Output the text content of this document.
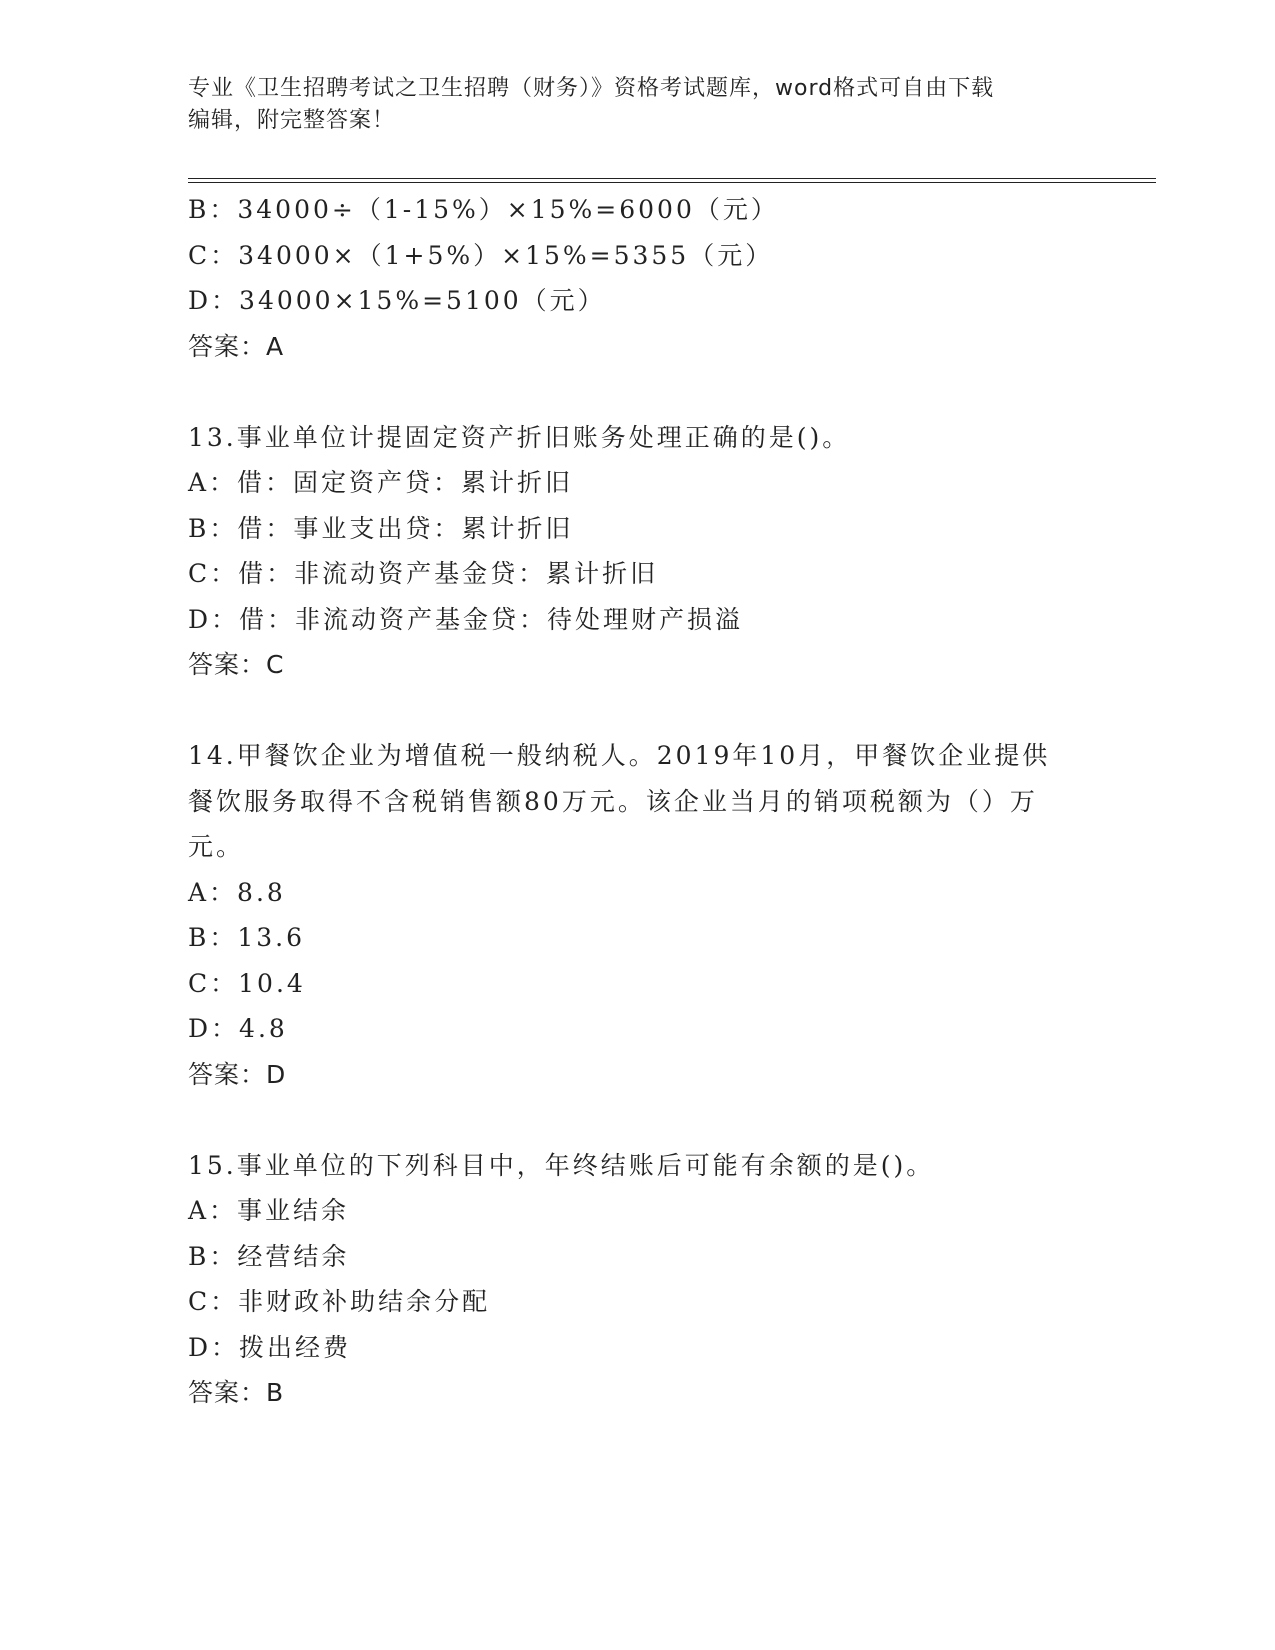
专业《卫生招聘考试之卫生招聘（财务）》资格考试题库，word格式可自由下载
编辑，附完整答案！
B：34000÷（1-15%）×15%=6000（元）
C：34000×（1+5%）×15%=5355（元）
D：34000×15%=5100（元）
答案：A
13.事业单位计提固定资产折旧账务处理正确的是()。
A：借：固定资产贷：累计折旧
B：借：事业支出贷：累计折旧
C：借：非流动资产基金贷：累计折旧
D：借：非流动资产基金贷：待处理财产损溢
答案：C
14.甲餐饮企业为增值税一般纳税人。2019年10月，甲餐饮企业提供
餐饮服务取得不含税销售额80万元。该企业当月的销项税额为（）万
元。
A：8.8
B：13.6
C：10.4
D：4.8
答案：D
15.事业单位的下列科目中，年终结账后可能有余额的是()。
A：事业结余
B：经营结余
C：非财政补助结余分配
D：拨出经费
答案：B
